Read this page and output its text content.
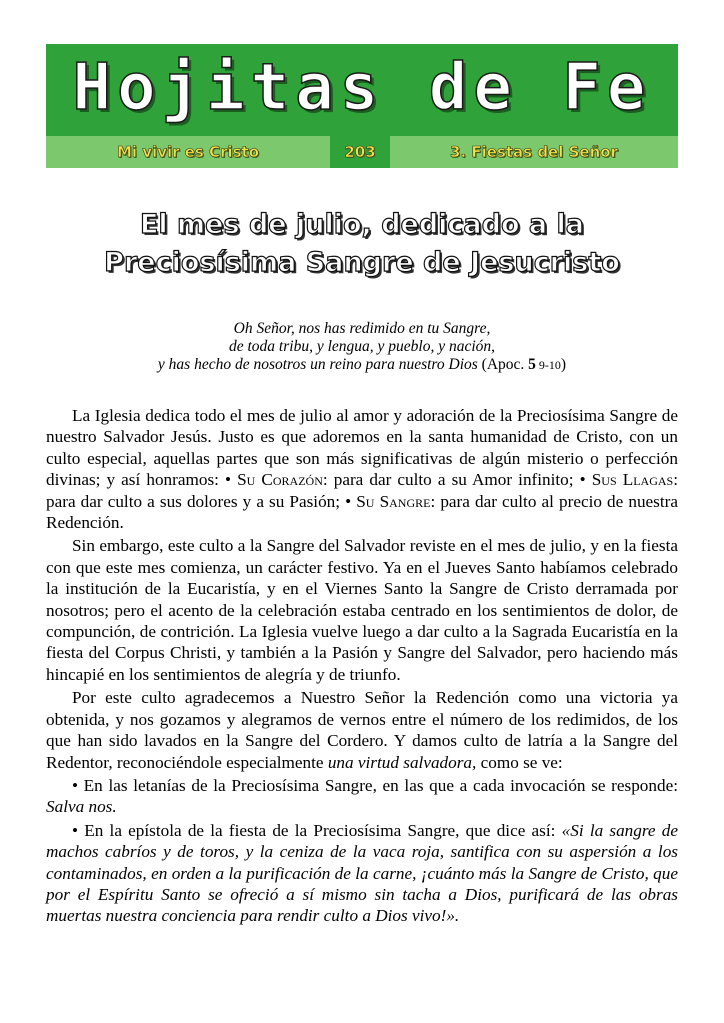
Hojitas de Fe
Mi vivir es Cristo	203	3. Fiestas del Señor
El mes de julio, dedicado a la
Preciosísima Sangre de Jesucristo
Oh Señor, nos has redimido en tu Sangre,
de toda tribu, y lengua, y pueblo, y nación,
y has hecho de nosotros un reino para nuestro Dios (Apoc. 5 9-10)

La Iglesia dedica todo el mes de julio al amor y adoración de la Preciosísima Sangre de nuestro Salvador Jesús. Justo es que adoremos en la santa humanidad de Cristo, con un culto especial, aquellas partes que son más significativas de algún misterio o perfección divinas; y así honramos: • Su Corazón: para dar culto a su Amor infinito; • Sus Llagas: para dar culto a sus dolores y a su Pasión; • Su Sangre: para dar culto al precio de nuestra Redención.

Sin embargo, este culto a la Sangre del Salvador reviste en el mes de julio, y en la fiesta con que este mes comienza, un carácter festivo. Ya en el Jueves Santo habíamos celebrado la institución de la Eucaristía, y en el Viernes Santo la Sangre de Cristo derramada por nosotros; pero el acento de la celebración estaba centrado en los sentimientos de dolor, de compunción, de contrición. La Iglesia vuelve luego a dar culto a la Sagrada Eucaristía en la fiesta del Corpus Christi, y también a la Pasión y Sangre del Salvador, pero haciendo más hincapié en los sentimientos de alegría y de triunfo.

Por este culto agradecemos a Nuestro Señor la Redención como una victoria ya obtenida, y nos gozamos y alegramos de vernos entre el número de los redimidos, de los que han sido lavados en la Sangre del Cordero. Y damos culto de latría a la Sangre del Redentor, reconociéndole especialmente una virtud salvadora, como se ve:

• En las letanías de la Preciosísima Sangre, en las que a cada invocación se responde: Salva nos.

• En la epístola de la fiesta de la Preciosísima Sangre, que dice así: «Si la sangre de machos cabríos y de toros, y la ceniza de la vaca roja, santifica con su aspersión a los contaminados, en orden a la purificación de la carne, ¡cuánto más la Sangre de Cristo, que por el Espíritu Santo se ofreció a sí mismo sin tacha a Dios, purificará de las obras muertas nuestra conciencia para rendir culto a Dios vivo!».
